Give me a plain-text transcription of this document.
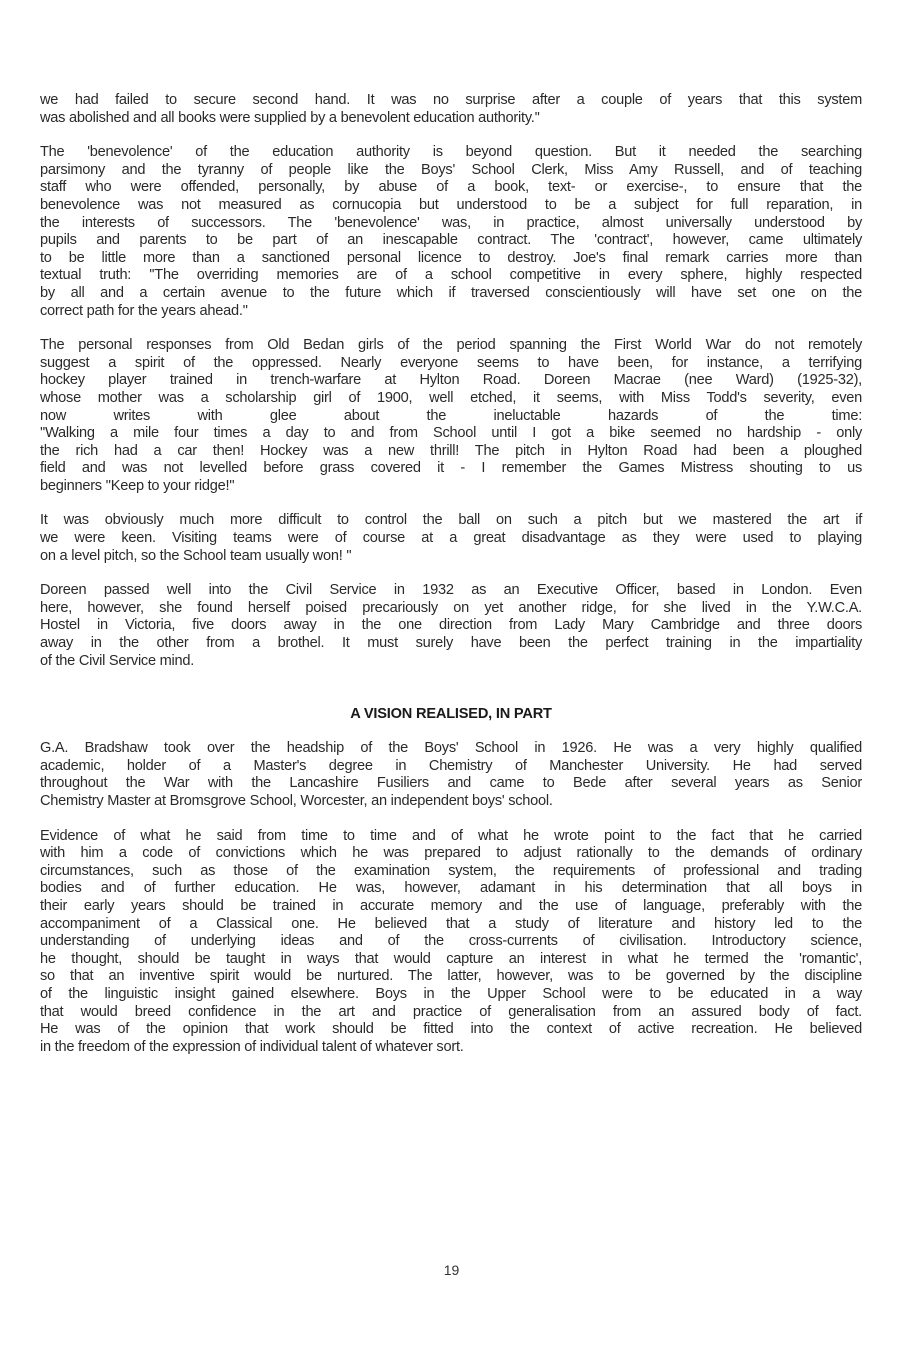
we had failed to secure second hand. It was no surprise after a couple of years that this system
was abolished and all books were supplied by a benevolent education authority.''

The 'benevolence' of the education authority is beyond question. But it needed the searching
parsimony and the tyranny of people like the Boys' School Clerk, Miss Amy Russell, and of teaching
staff who were offended, personally, by abuse of a book, text- or exercise-, to ensure that the
benevolence was not measured as cornucopia but understood to be a subject for full reparation, in
the interests of successors. The 'benevolence' was, in practice, almost universally understood by
pupils and parents to be part of an inescapable contract. The 'contract', however, came ultimately
to be little more than a sanctioned personal licence to destroy. Joe's final remark carries more than
textual truth: ''The overriding memories are of a school competitive in every sphere, highly respected
by all and a certain avenue to the future which if traversed conscientiously will have set one on the
correct path for the years ahead.''

The personal responses from Old Bedan girls of the period spanning the First World War do not remotely
suggest a spirit of the oppressed. Nearly everyone seems to have been, for instance, a terrifying
hockey player trained in trench-warfare at Hylton Road. Doreen Macrae (nee Ward) (1925-32),
whose mother was a scholarship girl of 1900, well etched, it seems, with Miss Todd's severity, even
now writes with glee about the ineluctable hazards of the time:
''Walking a mile four times a day to and from School until I got a bike seemed no hardship - only
the rich had a car then! Hockey was a new thrill! The pitch in Hylton Road had been a ploughed
field and was not levelled before grass covered it - I remember the Games Mistress shouting to us
beginners ''Keep to your ridge!''

It was obviously much more difficult to control the ball on such a pitch but we mastered the art if
we were keen. Visiting teams were of course at a great disadvantage as they were used to playing
on a level pitch, so the School team usually won! ''

Doreen passed well into the Civil Service in 1932 as an Executive Officer, based in London. Even
here, however, she found herself poised precariously on yet another ridge, for she lived in the Y.W.C.A.
Hostel in Victoria, five doors away in the one direction from Lady Mary Cambridge and three doors
away in the other from a brothel. It must surely have been the perfect training in the impartiality
of the Civil Service mind.

A VISION REALISED, IN PART

G.A. Bradshaw took over the headship of the Boys' School in 1926. He was a very highly qualified
academic, holder of a Master's degree in Chemistry of Manchester University. He had served
throughout the War with the Lancashire Fusiliers and came to Bede after several years as Senior
Chemistry Master at Bromsgrove School, Worcester, an independent boys' school.

Evidence of what he said from time to time and of what he wrote point to the fact that he carried
with him a code of convictions which he was prepared to adjust rationally to the demands of ordinary
circumstances, such as those of the examination system, the requirements of professional and trading
bodies and of further education. He was, however, adamant in his determination that all boys in
their early years should be trained in accurate memory and the use of language, preferably with the
accompaniment of a Classical one. He believed that a study of literature and history led to the
understanding of underlying ideas and of the cross-currents of civilisation. Introductory science,
he thought, should be taught in ways that would capture an interest in what he termed the 'romantic',
so that an inventive spirit would be nurtured. The latter, however, was to be governed by the discipline
of the linguistic insight gained elsewhere. Boys in the Upper School were to be educated in a way
that would breed confidence in the art and practice of generalisation from an assured body of fact.
He was of the opinion that work should be fitted into the context of active recreation. He believed
in the freedom of the expression of individual talent of whatever sort.

19
